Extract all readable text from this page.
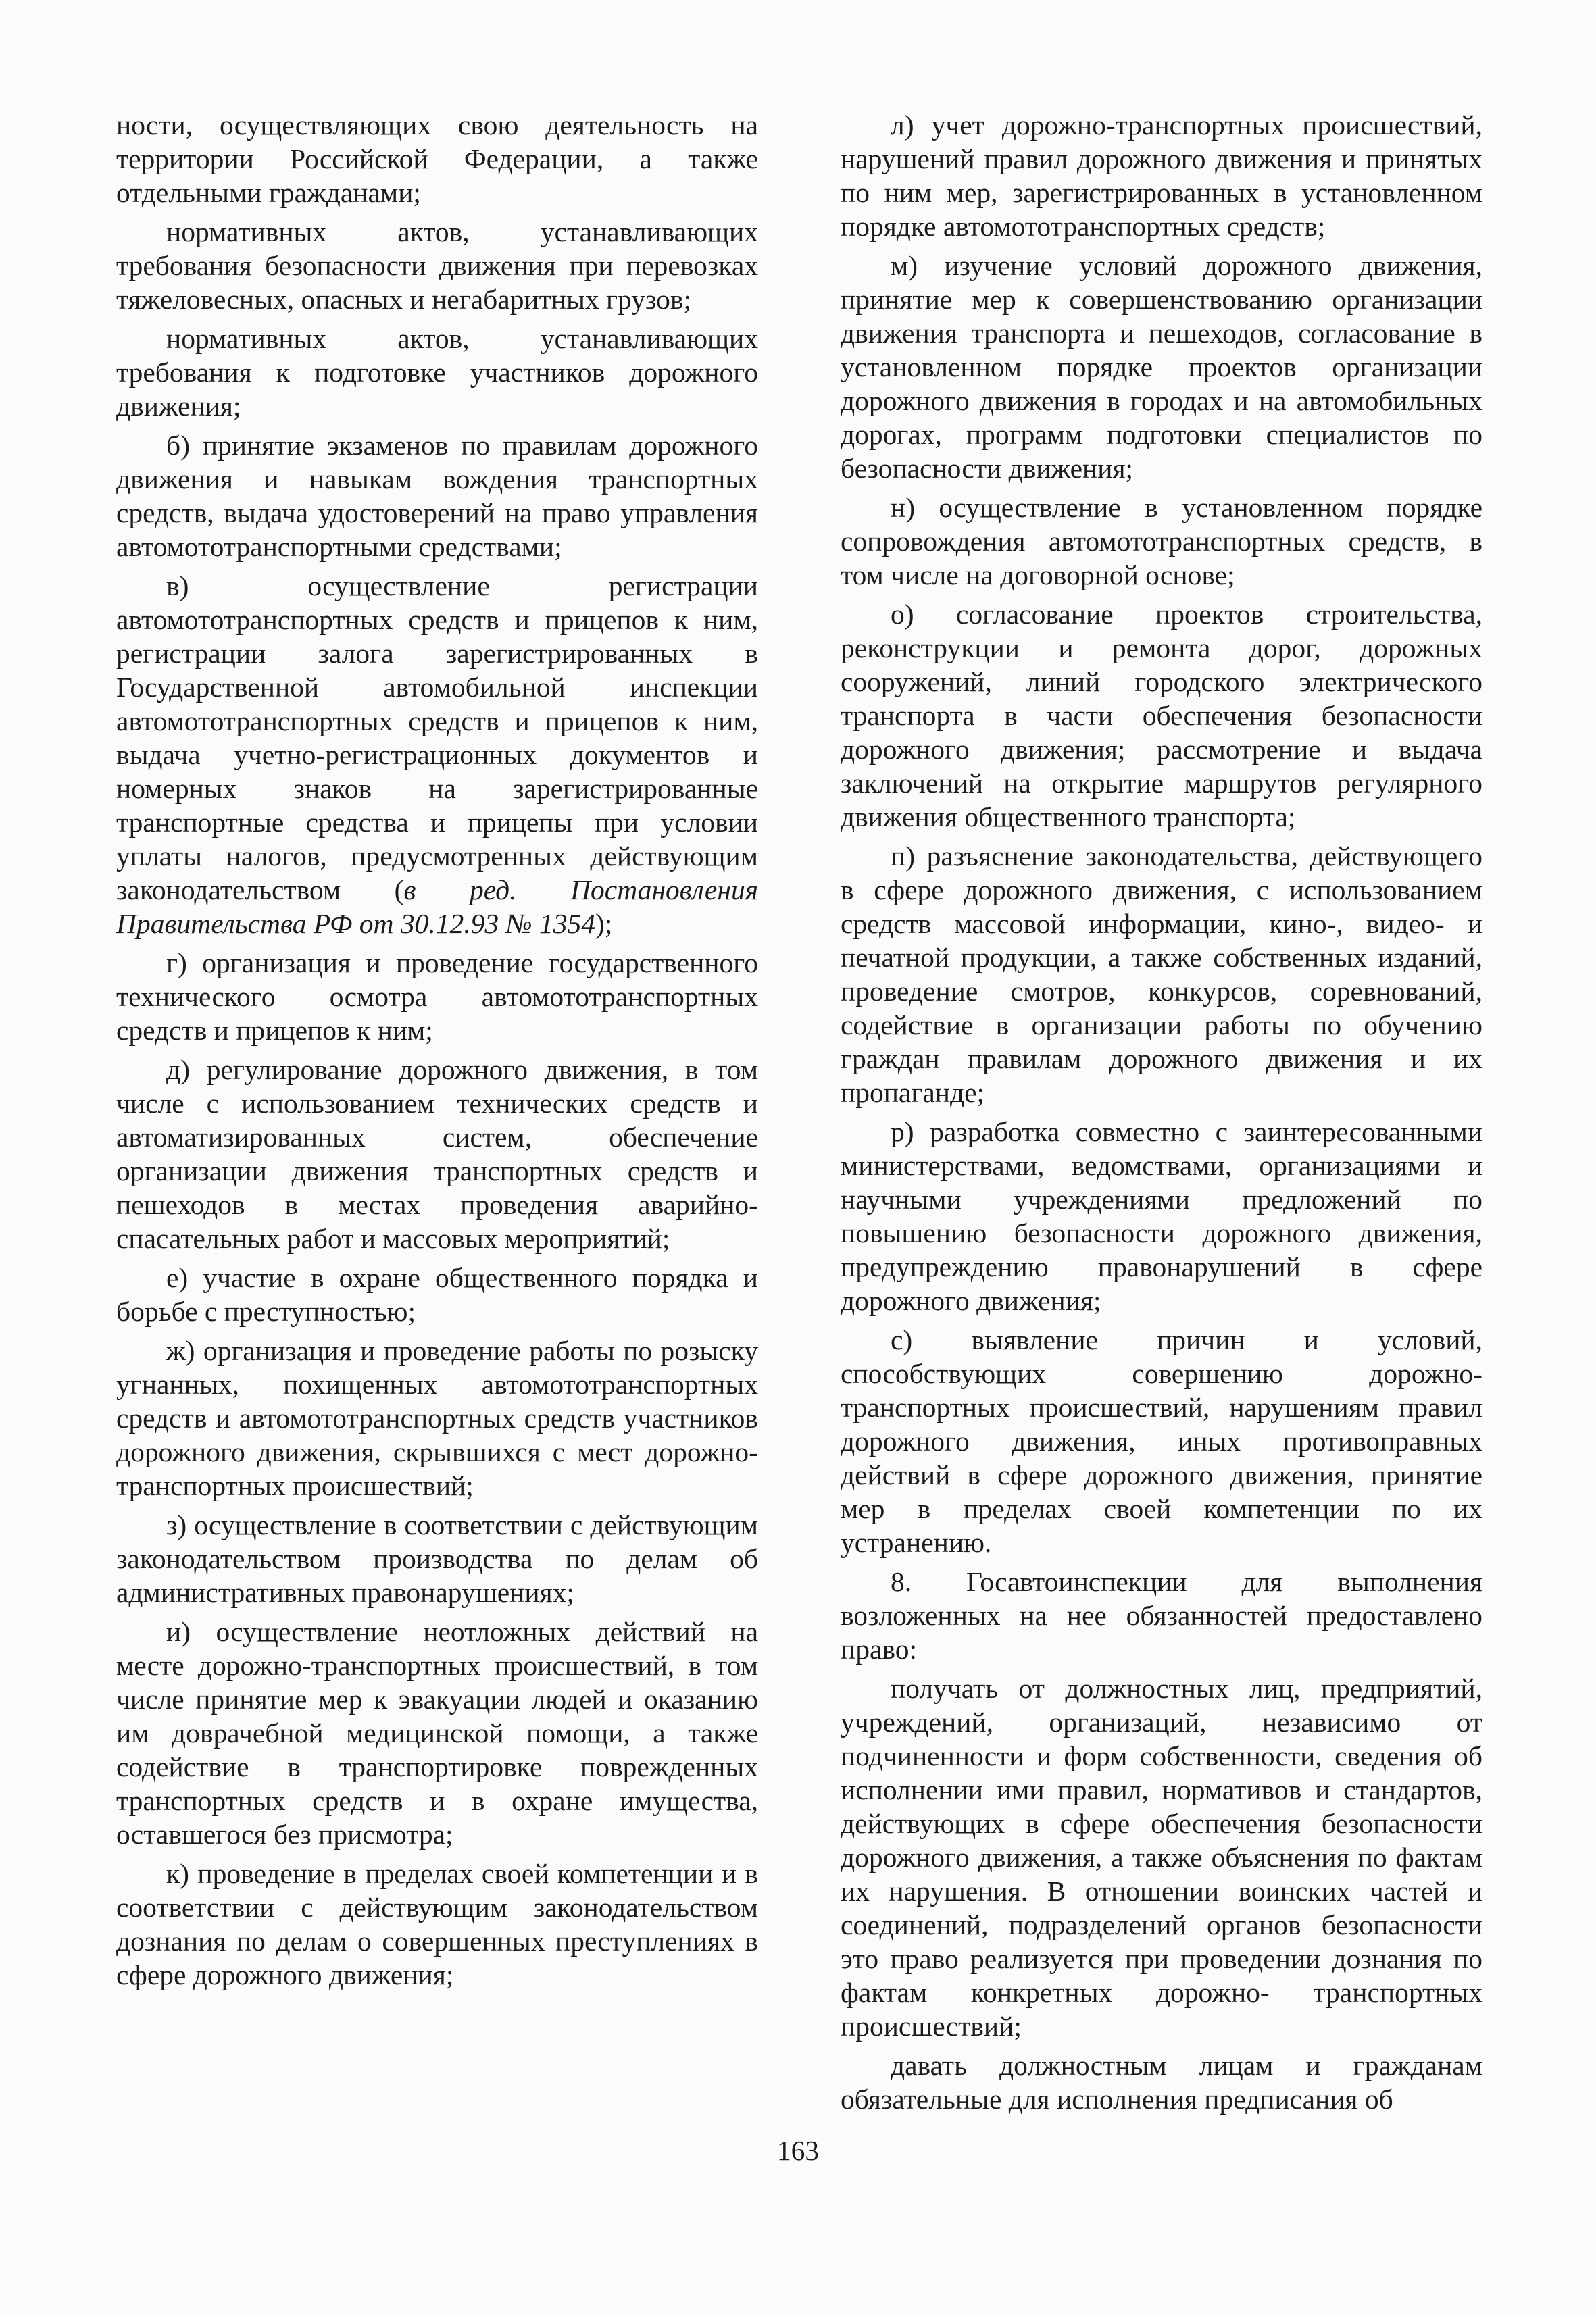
ности, осуществляющих свою деятельность на территории Российской Федерации, а также отдельными гражданами;

нормативных актов, устанавливающих требования безопасности движения при перевозках тяжеловесных, опасных и негабаритных грузов;

нормативных актов, устанавливающих требования к подготовке участников дорожного движения;

б) принятие экзаменов по правилам дорожного движения и навыкам вождения транспортных средств, выдача удостоверений на право управления автомототранспортными средствами;

в) осуществление регистрации автомототранспортных средств и прицепов к ним, регистрации залога зарегистрированных в Государственной автомобильной инспекции автомототранспортных средств и прицепов к ним, выдача учетно-регистрационных документов и номерных знаков на зарегистрированные транспортные средства и прицепы при условии уплаты налогов, предусмотренных действующим законодательством (в ред. Постановления Правительства РФ от 30.12.93 № 1354);

г) организация и проведение государственного технического осмотра автомототранспортных средств и прицепов к ним;

д) регулирование дорожного движения, в том числе с использованием технических средств и автоматизированных систем, обеспечение организации движения транспортных средств и пешеходов в местах проведения аварийно-спасательных работ и массовых мероприятий;

е) участие в охране общественного порядка и борьбе с преступностью;

ж) организация и проведение работы по розыску угнанных, похищенных автомототранспортных средств и автомототранспортных средств участников дорожного движения, скрывшихся с мест дорожно-транспортных происшествий;

з) осуществление в соответствии с действующим законодательством производства по делам об административных правонарушениях;

и) осуществление неотложных действий на месте дорожно-транспортных происшествий, в том числе принятие мер к эвакуации людей и оказанию им доврачебной медицинской помощи, а также содействие в транспортировке поврежденных транспортных средств и в охране имущества, оставшегося без присмотра;

к) проведение в пределах своей компетенции и в соответствии с действующим законодательством дознания по делам о совершенных преступлениях в сфере дорожного движения;

л) учет дорожно-транспортных происшествий, нарушений правил дорожного движения и принятых по ним мер, зарегистрированных в установленном порядке автомототранспортных средств;

м) изучение условий дорожного движения, принятие мер к совершенствованию организации движения транспорта и пешеходов, согласование в установленном порядке проектов организации дорожного движения в городах и на автомобильных дорогах, программ подготовки специалистов по безопасности движения;

н) осуществление в установленном порядке сопровождения автомототранспортных средств, в том числе на договорной основе;

о) согласование проектов строительства, реконструкции и ремонта дорог, дорожных сооружений, линий городского электрического транспорта в части обеспечения безопасности дорожного движения; рассмотрение и выдача заключений на открытие маршрутов регулярного движения общественного транспорта;

п) разъяснение законодательства, действующего в сфере дорожного движения, с использованием средств массовой информации, кино-, видео- и печатной продукции, а также собственных изданий, проведение смотров, конкурсов, соревнований, содействие в организации работы по обучению граждан правилам дорожного движения и их пропаганде;

р) разработка совместно с заинтересованными министерствами, ведомствами, организациями и научными учреждениями предложений по повышению безопасности дорожного движения, предупреждению правонарушений в сфере дорожного движения;

с) выявление причин и условий, способствующих совершению дорожно-транспортных происшествий, нарушениям правил дорожного движения, иных противоправных действий в сфере дорожного движения, принятие мер в пределах своей компетенции по их устранению.

8. Госавтоинспекции для выполнения возложенных на нее обязанностей предоставлено право:

получать от должностных лиц, предприятий, учреждений, организаций, независимо от подчиненности и форм собственности, сведения об исполнении ими правил, нормативов и стандартов, действующих в сфере обеспечения безопасности дорожного движения, а также объяснения по фактам их нарушения. В отношении воинских частей и соединений, подразделений органов безопасности это право реализуется при проведении дознания по фактам конкретных дорожно- транспортных происшествий;

давать должностным лицам и гражданам обязательные для исполнения предписания об

163
